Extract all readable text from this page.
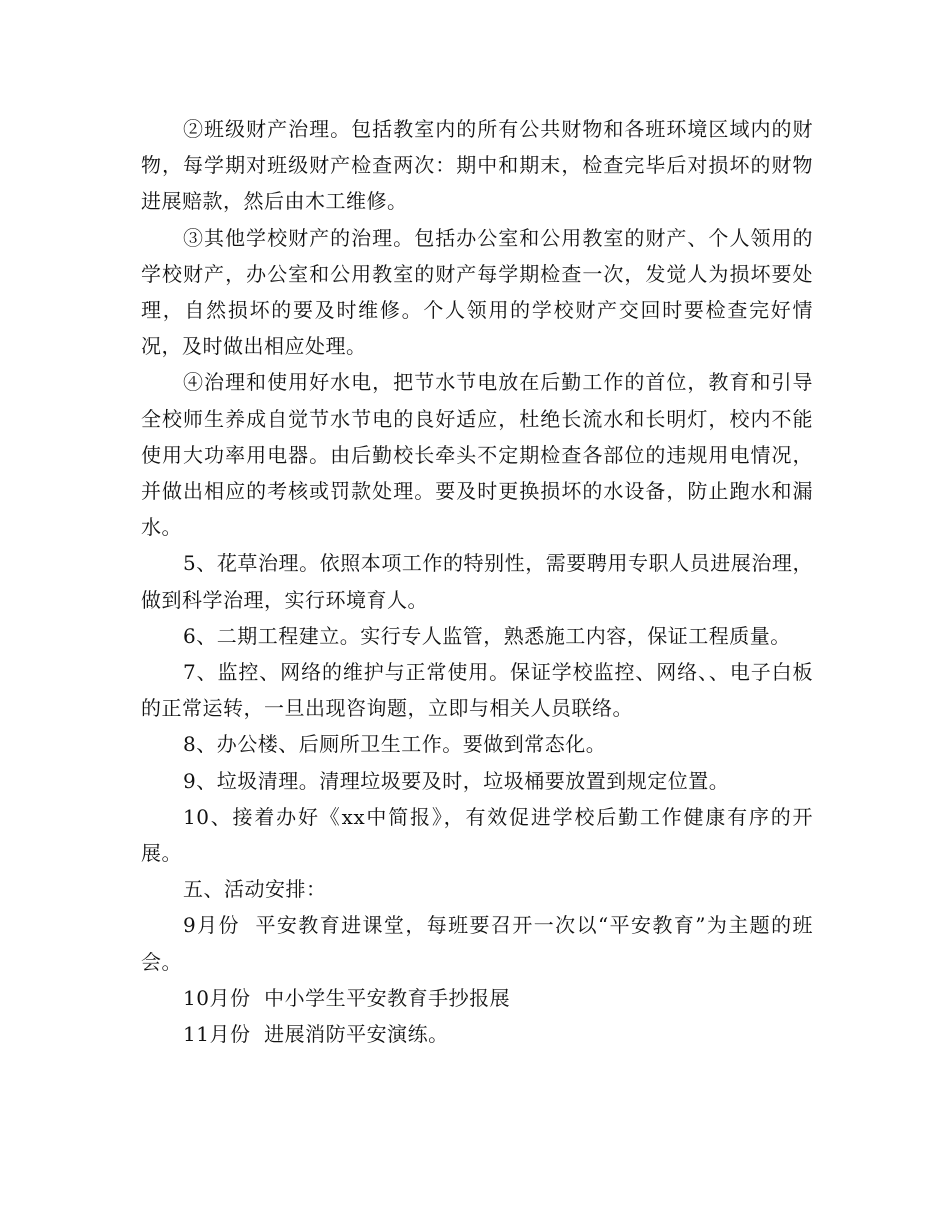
②班级财产治理。包括教室内的所有公共财物和各班环境区域内的财物，每学期对班级财产检查两次：期中和期末，检查完毕后对损坏的财物进展赔款，然后由木工维修。

③其他学校财产的治理。包括办公室和公用教室的财产、个人领用的学校财产，办公室和公用教室的财产每学期检查一次，发觉人为损坏要处理，自然损坏的要及时维修。个人领用的学校财产交回时要检查完好情况，及时做出相应处理。

④治理和使用好水电，把节水节电放在后勤工作的首位，教育和引导全校师生养成自觉节水节电的良好适应，杜绝长流水和长明灯，校内不能使用大功率用电器。由后勤校长牵头不定期检查各部位的违规用电情况，并做出相应的考核或罚款处理。要及时更换损坏的水设备，防止跑水和漏水。

5、花草治理。依照本项工作的特别性，需要聘用专职人员进展治理，做到科学治理，实行环境育人。

6、二期工程建立。实行专人监管，熟悉施工内容，保证工程质量。

7、监控、网络的维护与正常使用。保证学校监控、网络、、电子白板的正常运转，一旦出现咨询题，立即与相关人员联络。

8、办公楼、后厕所卫生工作。要做到常态化。

9、垃圾清理。清理垃圾要及时，垃圾桶要放置到规定位置。

10、接着办好《xx中简报》，有效促进学校后勤工作健康有序的开展。

五、活动安排：

9月份  平安教育进课堂，每班要召开一次以“平安教育”为主题的班会。

10月份  中小学生平安教育手抄报展

11月份  进展消防平安演练。
